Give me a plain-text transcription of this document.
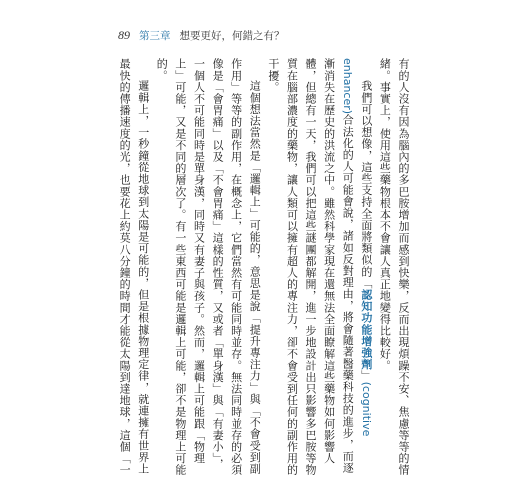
89 第三章 想要更好，何錯之有？

有的人沒有因為腦內的多巴胺增加而感到快樂，反而出現煩躁不安、焦慮等等的情緒。事實上，使用這些藥物根本不會讓人真正地變得比較好。

我們可以想像，這些支持全面將類似的「認知功能增強劑」(cognitive enhancer)合法化的人可能會說，諸如反對理由，將會隨著醫藥科技的進步，而逐漸消失在歷史的洪流之中。雖然科學家現在還無法全面瞭解這些藥物如何影響人體，但總有一天，我們可以把這些謎團都解開，進一步地設計出只影響多巴胺等物質在腦部濃度的藥物，讓人類可以擁有超人的專注力，卻不會受到任何的副作用的干擾。

這個想法當然是「邏輯上」可能的，意思是說「提升專注力」與「不會受到副作用」等等的副作用，在概念上，它們當然有可能同時並存。無法同時並存的必須像是「會胃痛」以及「不會胃痛」這樣的性質，又或者「單身漢」與「有妻小」，一個人不可能同時是單身漢，同時又有妻子與孩子。然而，邏輯上可能跟「物理上」可能，又是不同的層次了。有一些東西可能是邏輯上可能，卻不是物理上可能的。

邏輯上，一秒鐘從地球到太陽是可能的，但是根據物理定律，就連擁有世界上最快的傳播速度的光，也要花上約莫八分鐘的時間才能從太陽到達地球，這個「一
